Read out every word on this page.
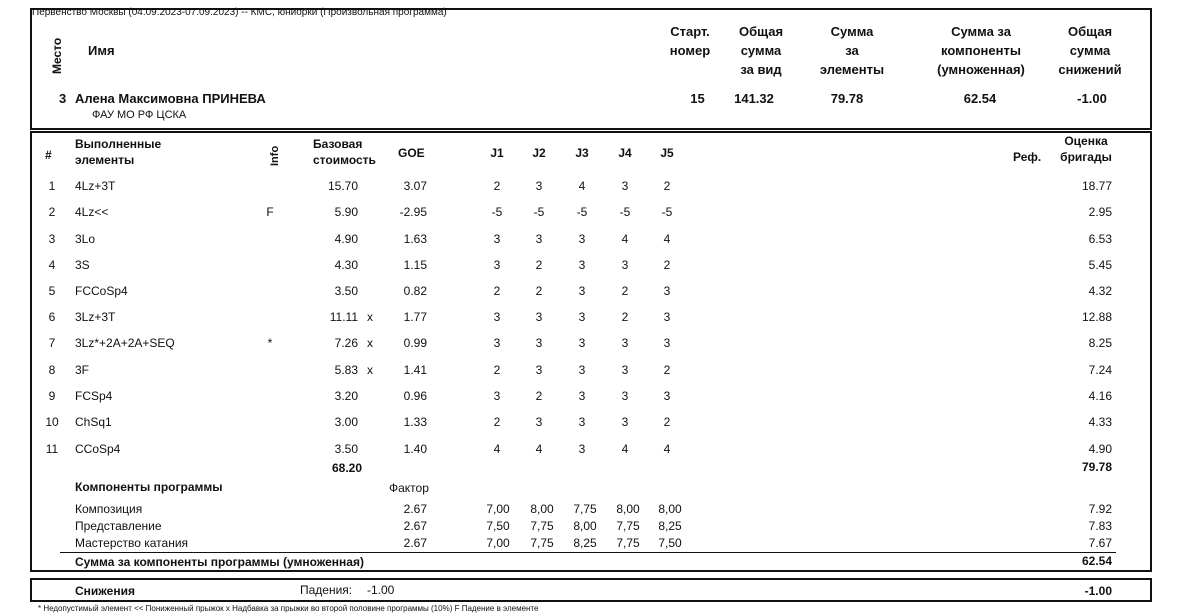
Первенство Москвы (04.09.2023-07.09.2023) -- КМС, юниорки (Произвольная программа)
Место Имя
Старт.
номер
Общая
сумма
за вид
Сумма
за
элементы
Сумма за
компоненты
(умноженная)
Общая
сумма
снижений
3 Алена Максимовна ПРИНЕВА
ФАУ МО РФ ЦСКА
15	141.32	79.78	62.54	-1.00
#
Выполненные
элементы	Info
Базовая
стоимость GOE	J1	J2	J3	J4	J5	Реф.
Оценка
бригады
1	4Lz+3T	15.70	3.07	2	3	4	3	2	18.77
2	4Lz<<	F	5.90	-2.95	-5	-5	-5	-5	-5	2.95
3	3Lo	4.90	1.63	3	3	3	4	4	6.53
4	3S	4.30	1.15	3	2	3	3	2	5.45
5	FCCoSp4	3.50	0.82	2	2	3	2	3	4.32
6	3Lz+3T	11.11 x	1.77	3	3	3	2	3	12.88
7	3Lz*+2A+2A+SEQ	*	7.26 x	0.99	3	3	3	3	3	8.25
8	3F	5.83 x	1.41	2	3	3	3	2	7.24
9	FCSp4	3.20	0.96	3	2	3	3	3	4.16
10 ChSq1	3.00	1.33	2	3	3	3	2	4.33
11	CCoSp4	3.50	1.40	4	4	3	4	4	4.90
68.20	79.78
Компоненты программы	Фактор
Композиция	2.67	7,00	8,00	7,75	8,00	8,00	7.92
Представление	2.67	7,50	7,75	8,00	7,75	8,25	7.83
Мастерство катания	2.67	7,00	7,75	8,25	7,75	7,50	7.67
Сумма за компоненты программы (умноженная)	62.54
Снижения	Падения: -1.00	-1.00
* Недопустимый элемент << Пониженный прыжок x Надбавка за прыжки во второй половине программы (10%) F Падение в элементе
